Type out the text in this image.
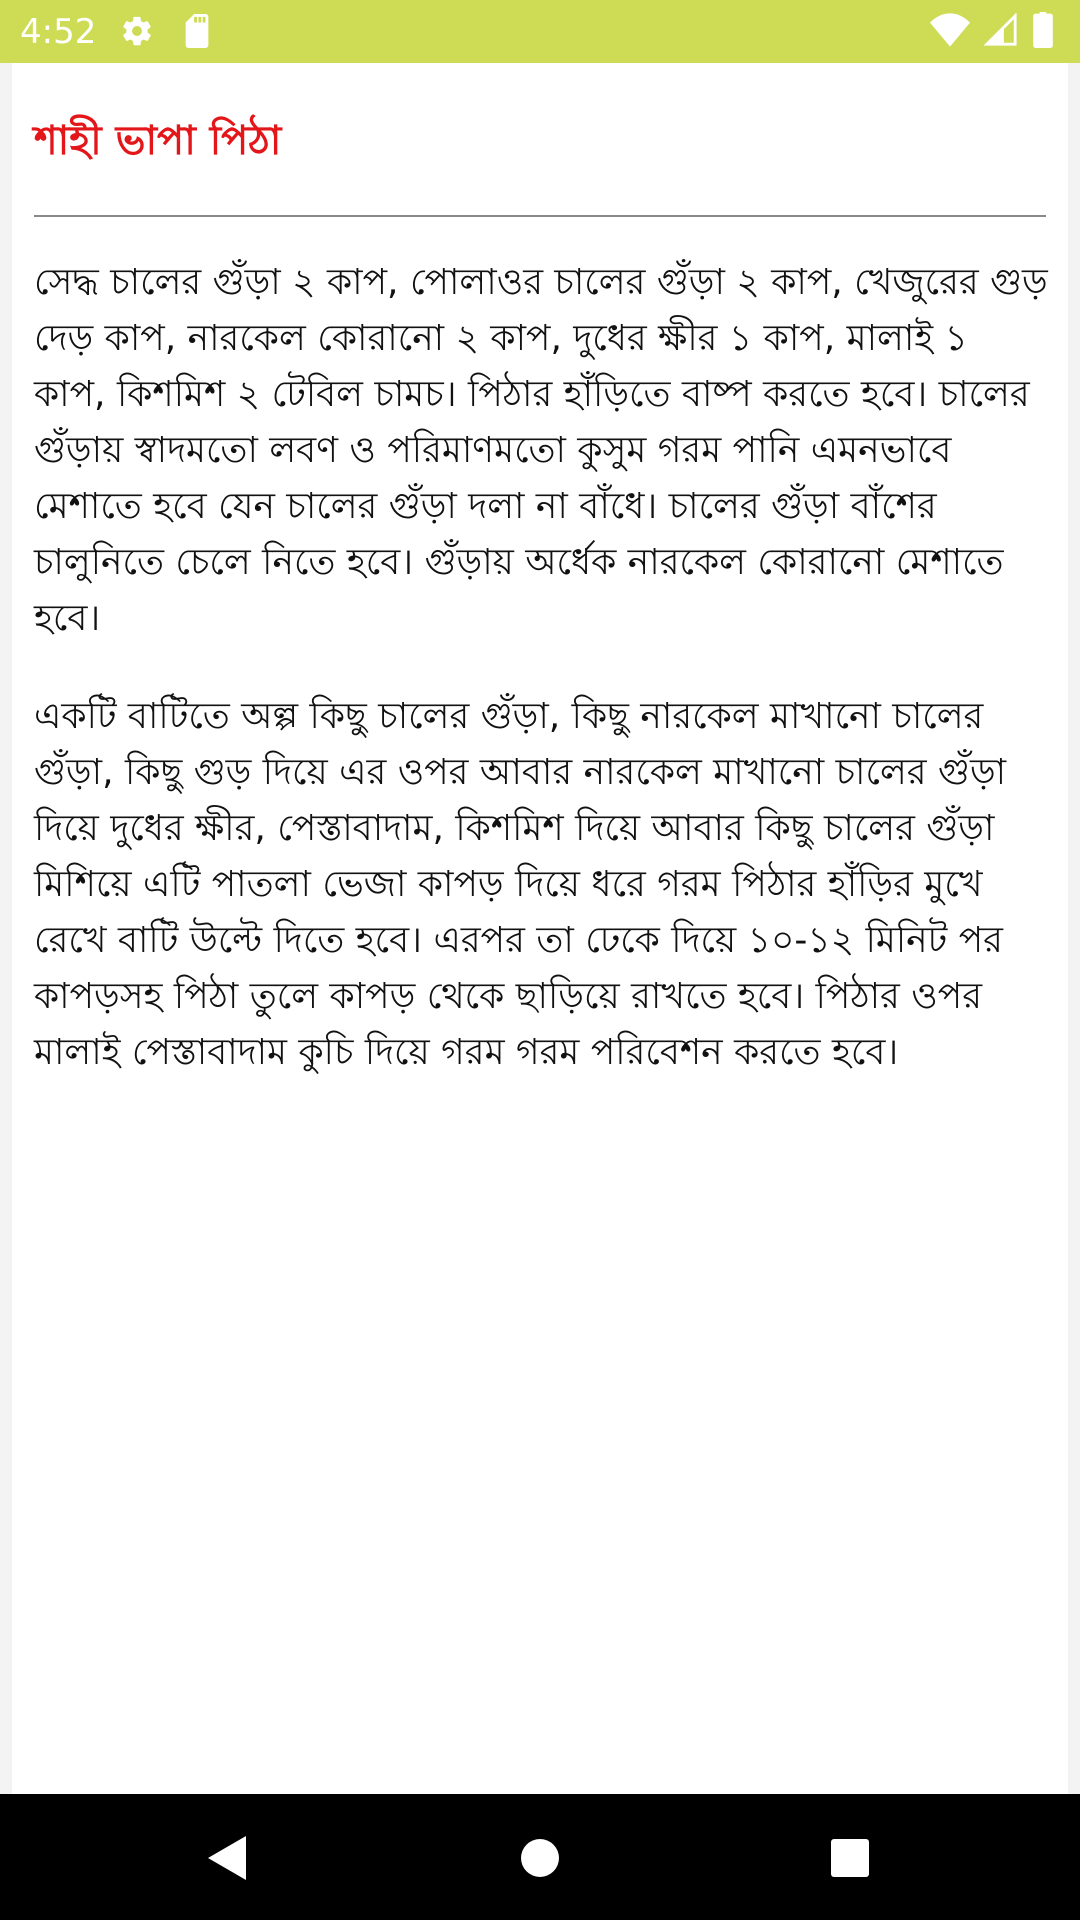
4:52
শাহী ভাপা পিঠা

সেদ্ধ চালের গুঁড়া ২ কাপ, পোলাওর চালের গুঁড়া ২ কাপ, খেজুরের গুড় দেড় কাপ, নারকেল কোরানো ২ কাপ, দুধের ক্ষীর ১ কাপ, মালাই ১ কাপ, কিশমিশ ২ টেবিল চামচ। পিঠার হাঁড়িতে বাষ্প করতে হবে। চালের গুঁড়ায় স্বাদমতো লবণ ও পরিমাণমতো কুসুম গরম পানি এমনভাবে মেশাতে হবে যেন চালের গুঁড়া দলা না বাঁধে। চালের গুঁড়া বাঁশের চালুনিতে চেলে নিতে হবে। গুঁড়ায় অর্ধেক নারকেল কোরানো মেশাতে হবে।

একটি বাটিতে অল্প কিছু চালের গুঁড়া, কিছু নারকেল মাখানো চালের গুঁড়া, কিছু গুড় দিয়ে এর ওপর আবার নারকেল মাখানো চালের গুঁড়া দিয়ে দুধের ক্ষীর, পেস্তাবাদাম, কিশমিশ দিয়ে আবার কিছু চালের গুঁড়া মিশিয়ে এটি পাতলা ভেজা কাপড় দিয়ে ধরে গরম পিঠার হাঁড়ির মুখে রেখে বাটি উল্টে দিতে হবে। এরপর তা ঢেকে দিয়ে ১০-১২ মিনিট পর কাপড়সহ পিঠা তুলে কাপড় থেকে ছাড়িয়ে রাখতে হবে। পিঠার ওপর মালাই পেস্তাবাদাম কুচি দিয়ে গরম গরম পরিবেশন করতে হবে।
